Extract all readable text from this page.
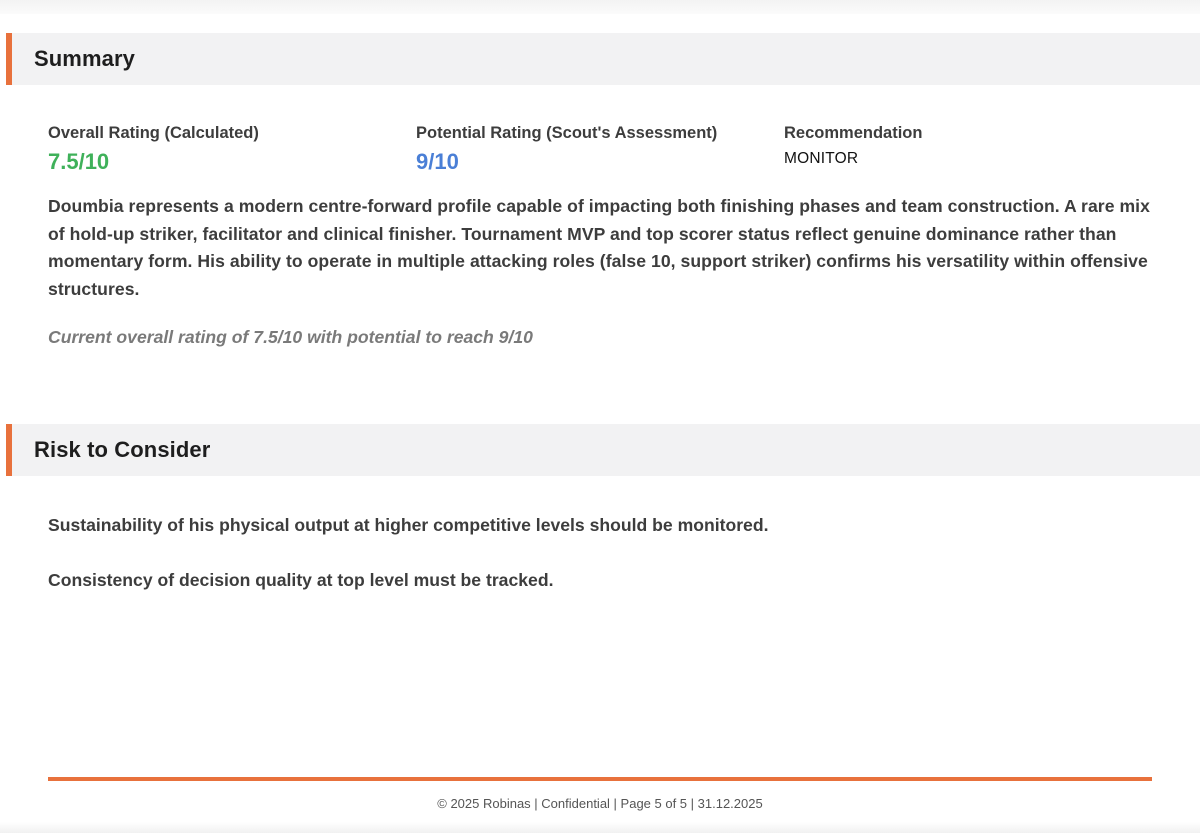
Summary
Overall Rating (Calculated)
7.5/10
Potential Rating (Scout's Assessment)
9/10
Recommendation
MONITOR

Doumbia represents a modern centre-forward profile capable of impacting both finishing phases and team construction. A rare mix of hold-up striker, facilitator and clinical finisher. Tournament MVP and top scorer status reflect genuine dominance rather than momentary form. His ability to operate in multiple attacking roles (false 10, support striker) confirms his versatility within offensive structures.

Current overall rating of 7.5/10 with potential to reach 9/10

Risk to Consider

Sustainability of his physical output at higher competitive levels should be monitored.

Consistency of decision quality at top level must be tracked.

© 2025 Robinas | Confidential | Page 5 of 5 | 31.12.2025
